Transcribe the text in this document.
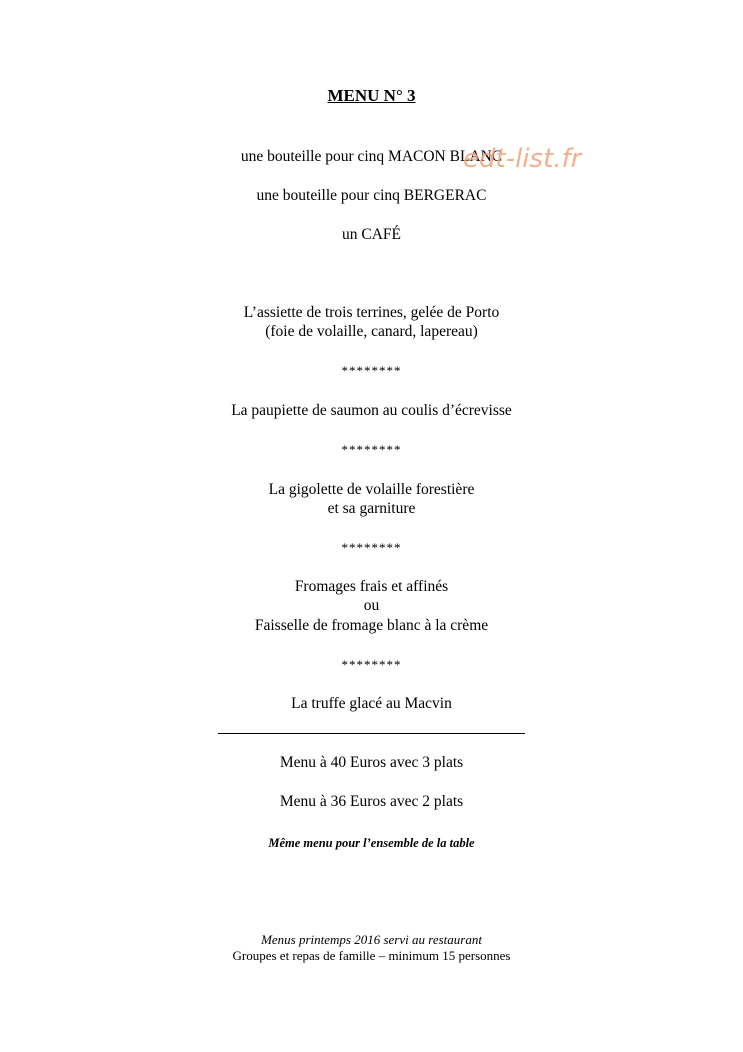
MENU N° 3
une bouteille pour cinq MACON BLANC
une bouteille pour cinq BERGERAC
un CAFÉ
L’assiette de trois terrines, gelée de Porto
(foie de volaille, canard, lapereau)
********
La paupiette de saumon au coulis d’écrevisse
********
La gigolette de volaille forestière
et sa garniture
********
Fromages frais et affinés
ou
Faisselle de fromage blanc à la crème
********
La truffe glacé au Macvin
Menu à 40 Euros avec 3 plats
Menu à 36 Euros avec 2 plats
Même menu pour l’ensemble de la table
Menus printemps 2016 servi au restaurant
Groupes et repas de famille – minimum 15 personnes
edt-list.fr
